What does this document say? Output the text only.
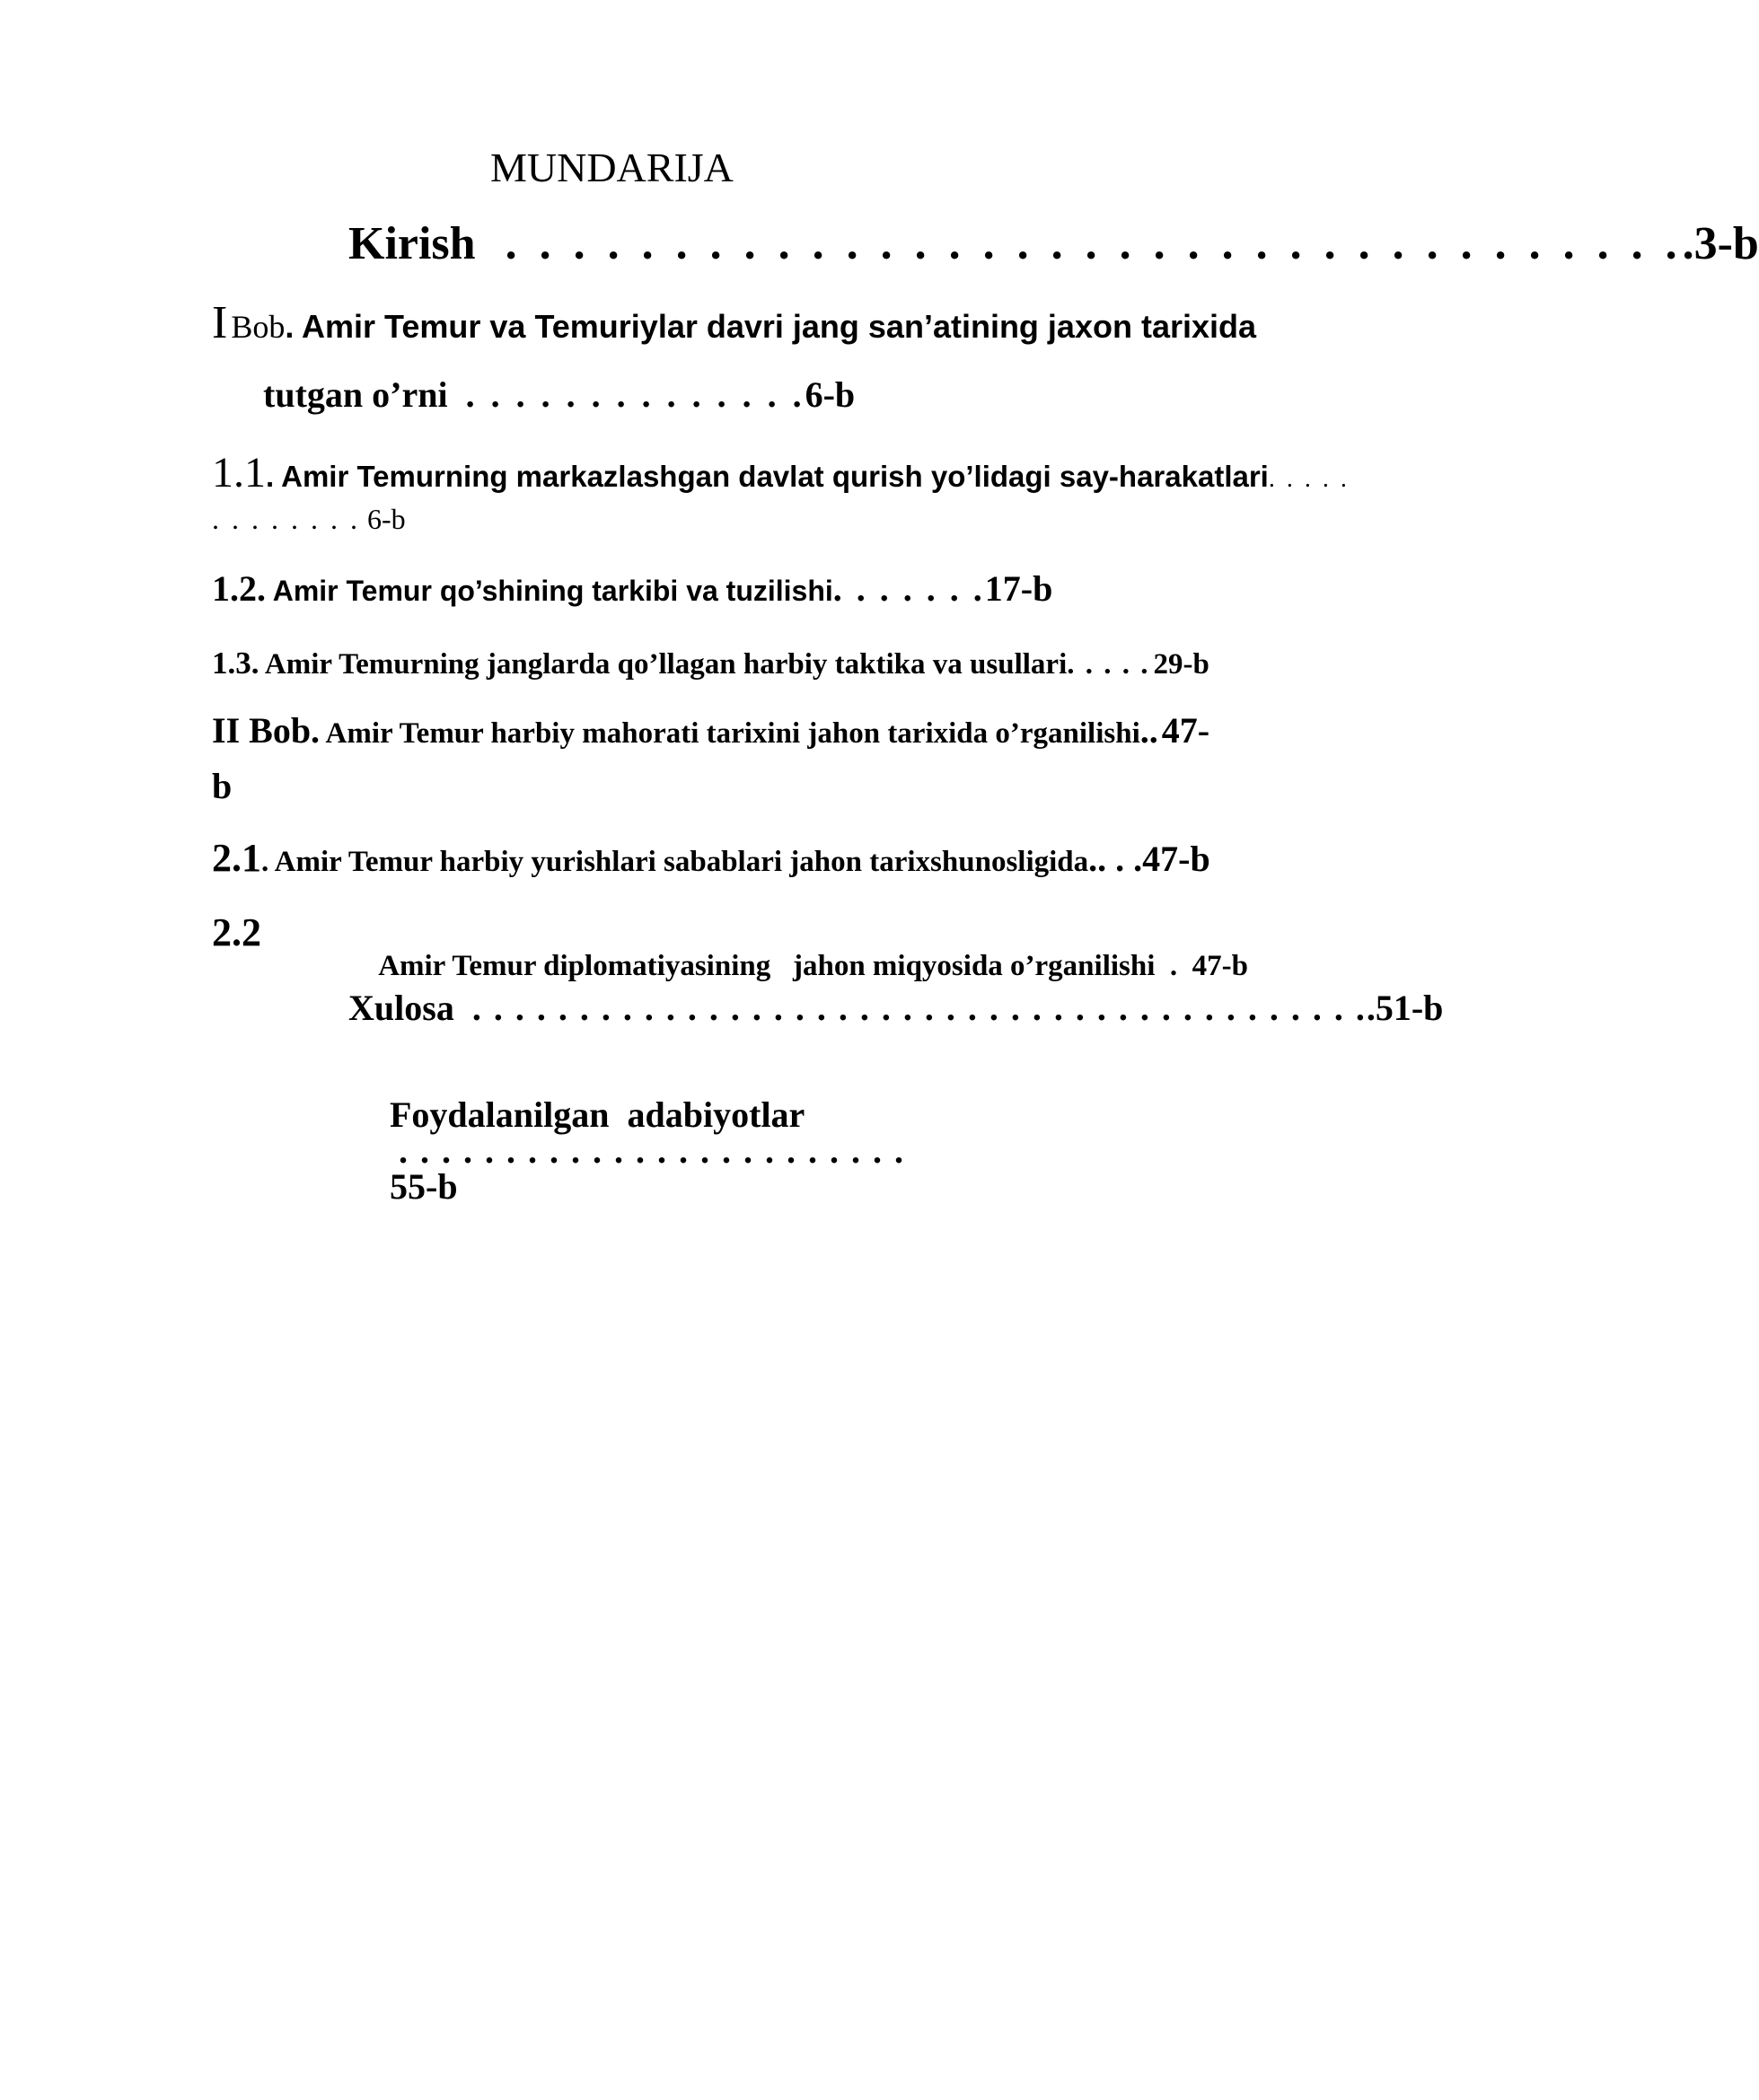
MUNDARIJA
Kirish . . . . . . . . . . . . . . . . . . . . . . . . . . . . . . . . . . ..3-b
I Bob. Amir Temur va Temuriylar davri jang san’atining jaxon tarixida
tutgan o’rni . . . . . . . . . . . . . .6-b
1.1. Amir Temurning markazlashgan davlat qurish yo’lidagi say-harakatlari. . . . .
. . . . . . . . 6-b
1.2. Amir Temur qo’shining tarkibi va tuzilishi. . . . . . .17-b
1.3. Amir Temurning janglarda qo’llagan harbiy taktika va usullari. . . . . 29-b
II Bob. Amir Temur harbiy mahorati tarixini jahon tarixida o’rganilishi.. 47-
b
2.1. Amir Temur harbiy yurishlari sabablari jahon tarixshunosligida.. . .47-b
2.2

Amir Temur diplomatiyasining   jahon miqyosida o’rganilishi  .  47-b

Xulosa . . . . . . . . . . . . . . . . . . . . . . . . . . . . . . . . . . . . . . . . . ..51-b

Foydalanilgan  adabiyotlar
. . . . . . . . . . . . . . . . . . . . . . . .
55-b
